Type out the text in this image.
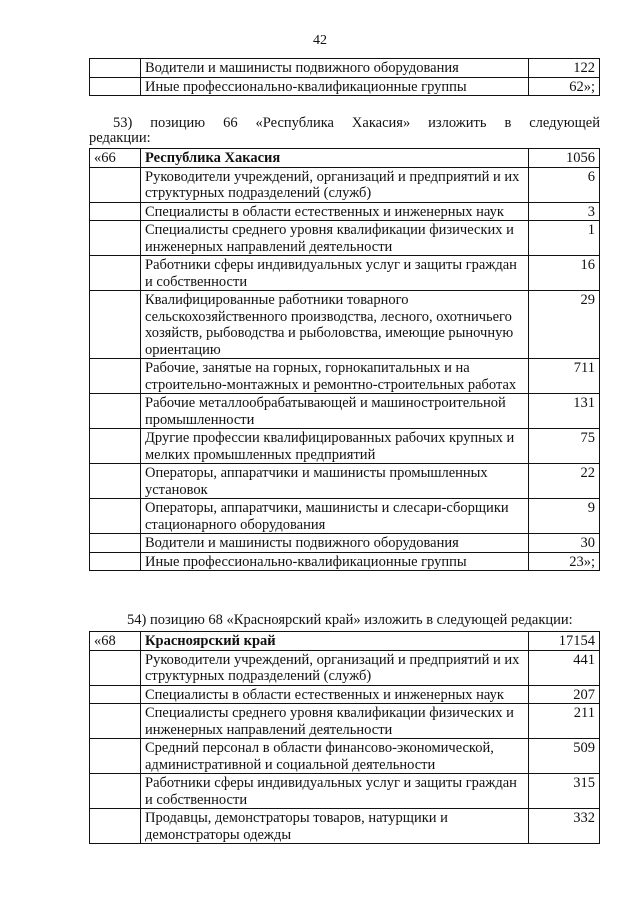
42
	Водители и машинисты подвижного оборудования	122
	Иные профессионально-квалификационные группы	62»;
53) позицию 66 «Республика Хакасия» изложить в следующей
редакции:
«66	Республика Хакасия	1056
	Руководители учреждений, организаций и предприятий и их структурных подразделений (служб)	6
	Специалисты в области естественных и инженерных наук	3
	Специалисты среднего уровня квалификации физических и инженерных направлений деятельности	1
	Работники сферы индивидуальных услуг и защиты граждан и собственности	16
	Квалифицированные работники товарного сельскохозяйственного производства, лесного, охотничьего хозяйств, рыбоводства и рыболовства, имеющие рыночную ориентацию	29
	Рабочие, занятые на горных, горнокапитальных и на строительно-монтажных и ремонтно-строительных работах	711
	Рабочие металлообрабатывающей и машиностроительной промышленности	131
	Другие профессии квалифицированных рабочих крупных и мелких промышленных предприятий	75
	Операторы, аппаратчики и машинисты промышленных установок	22
	Операторы, аппаратчики, машинисты и слесари-сборщики стационарного оборудования	9
	Водители и машинисты подвижного оборудования	30
	Иные профессионально-квалификационные группы	23»;
54) позицию 68 «Красноярский край» изложить в следующей редакции:
«68	Красноярский край	17154
	Руководители учреждений, организаций и предприятий и их структурных подразделений (служб)	441
	Специалисты в области естественных и инженерных наук	207
	Специалисты среднего уровня квалификации физических и инженерных направлений деятельности	211
	Средний персонал в области финансово-экономической, административной и социальной деятельности	509
	Работники сферы индивидуальных услуг и защиты граждан и собственности	315
	Продавцы, демонстраторы товаров, натурщики и демонстраторы одежды	332
